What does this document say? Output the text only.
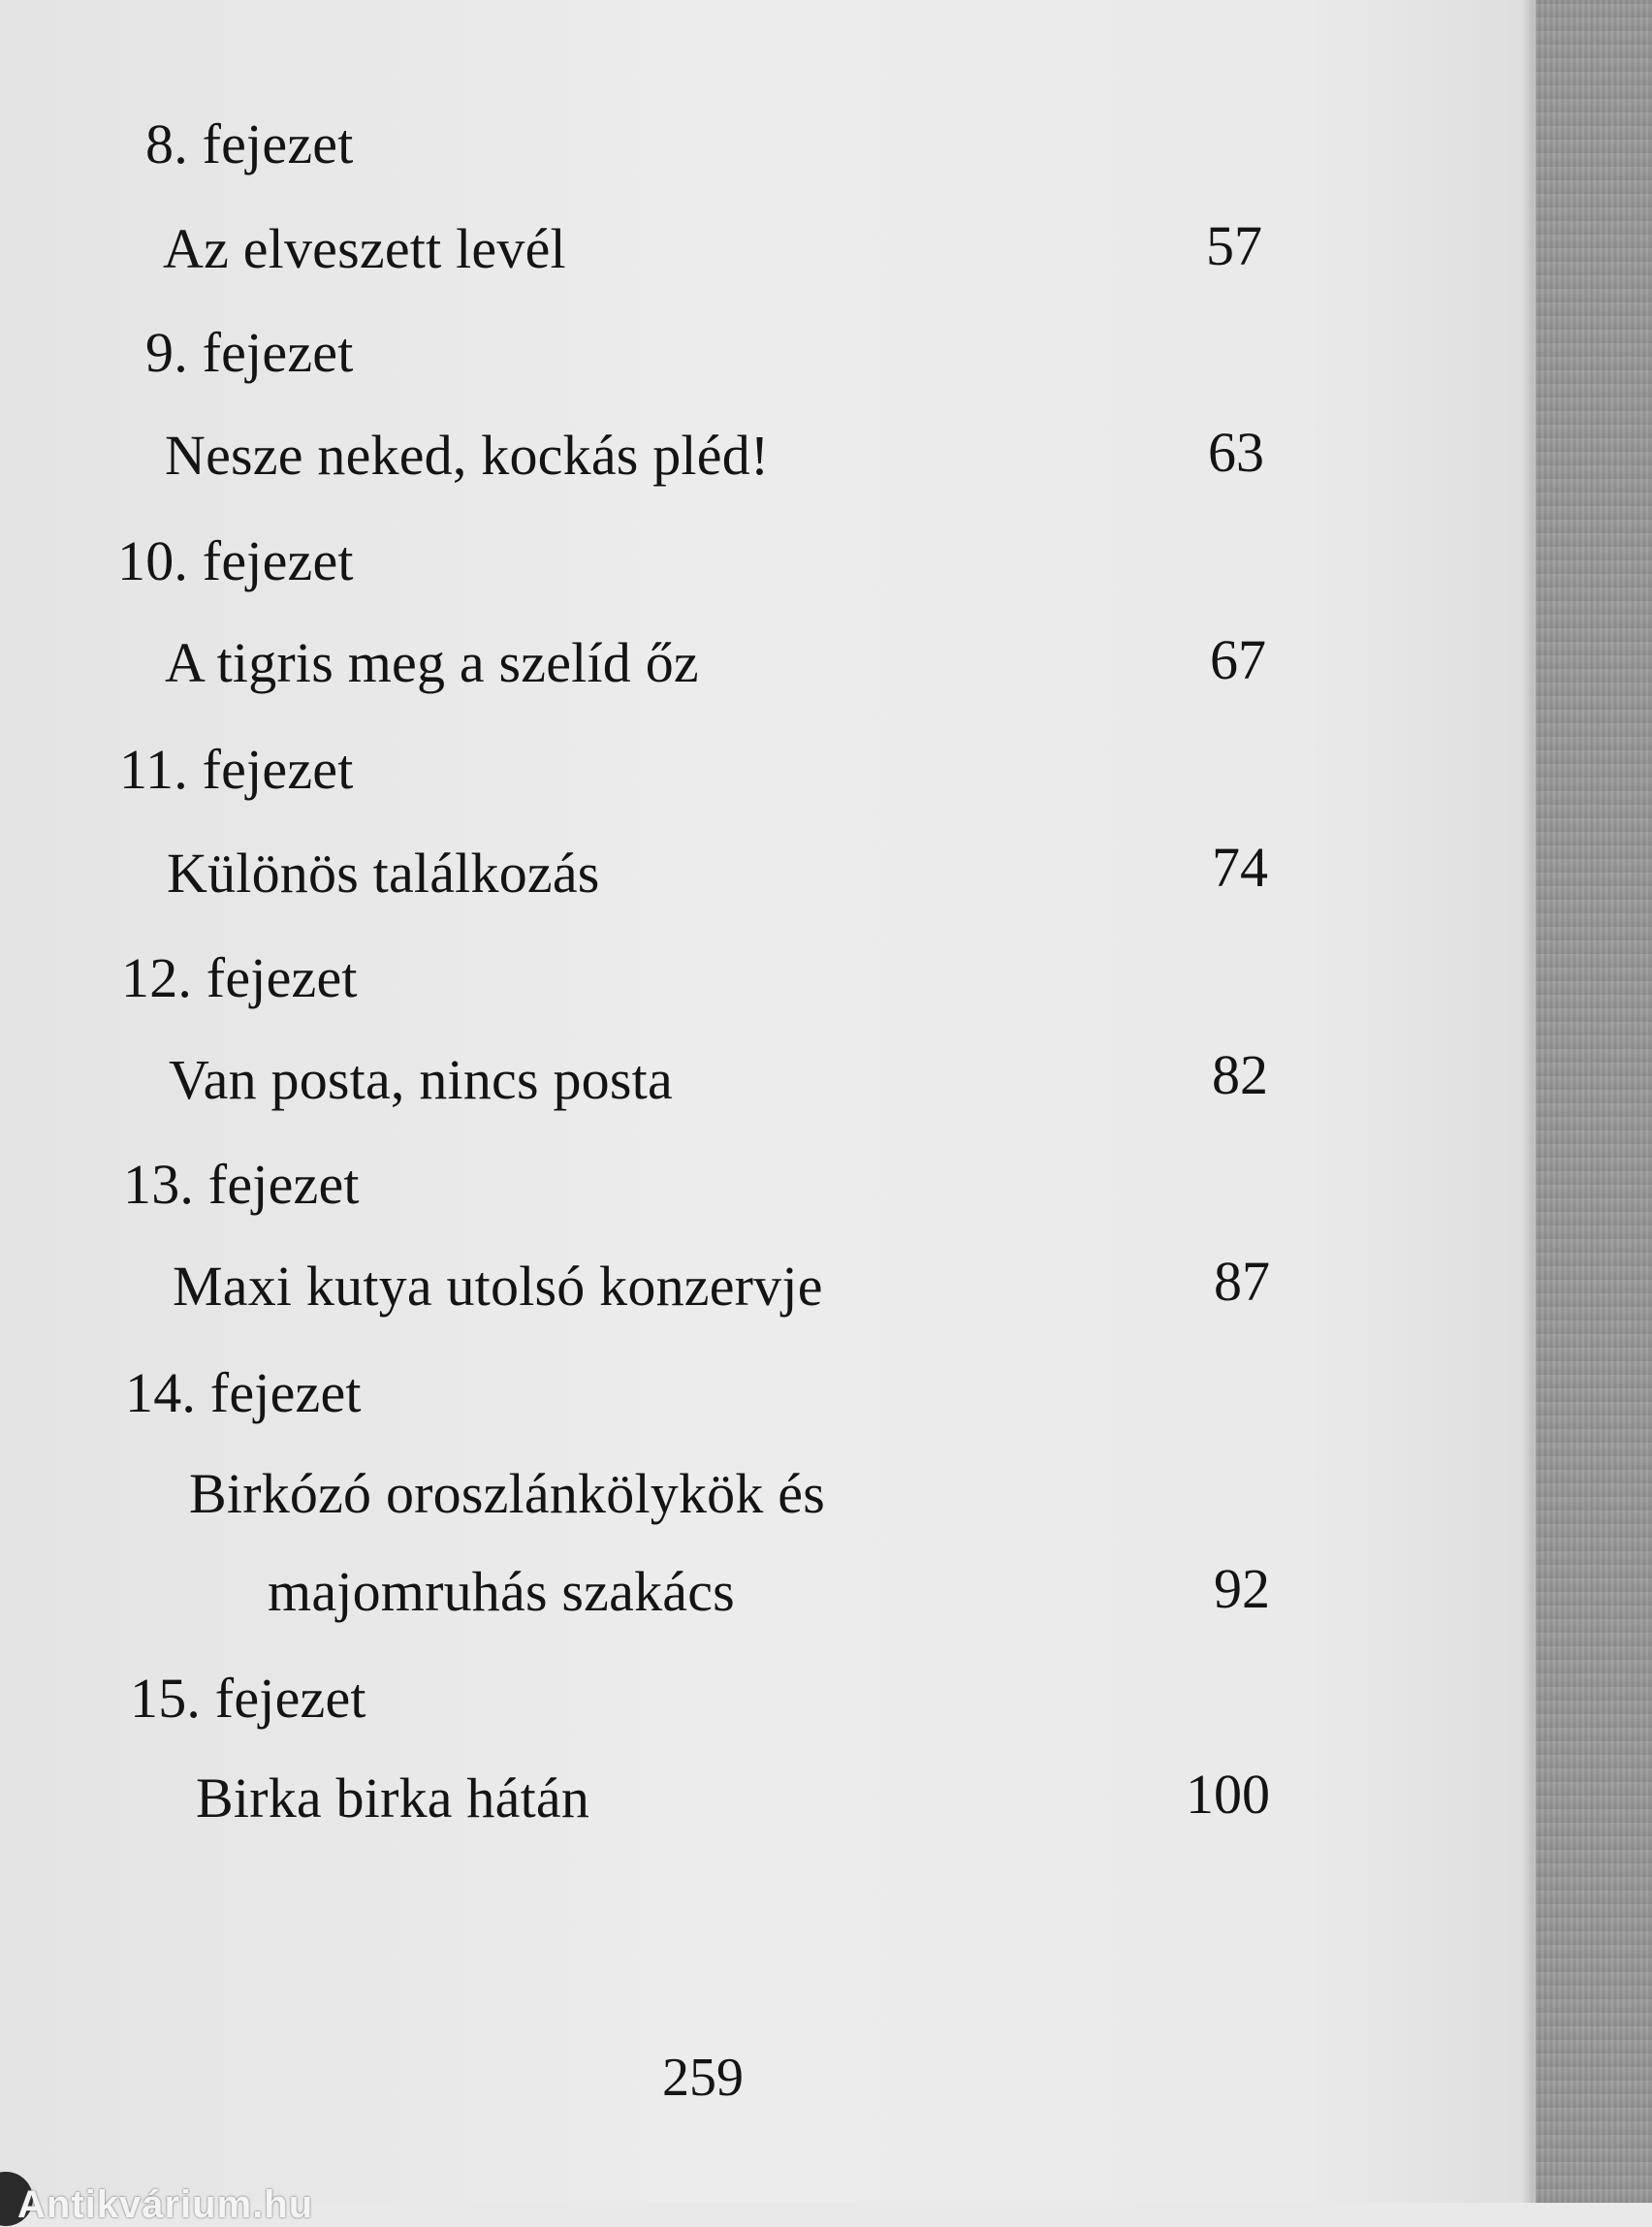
8. fejezet
Az elveszett levél	57
9. fejezet
Nesze neked, kockás pléd!	63
10. fejezet
A tigris meg a szelíd őz	67
11. fejezet
Különös találkozás	74
12. fejezet
Van posta, nincs posta	82
13. fejezet
Maxi kutya utolsó konzervje	87
14. fejezet
Birkózó oroszlánkölykök és
majomruhás szakács	92
15. fejezet
Birka birka hátán	100
259
Antikvárium.hu
